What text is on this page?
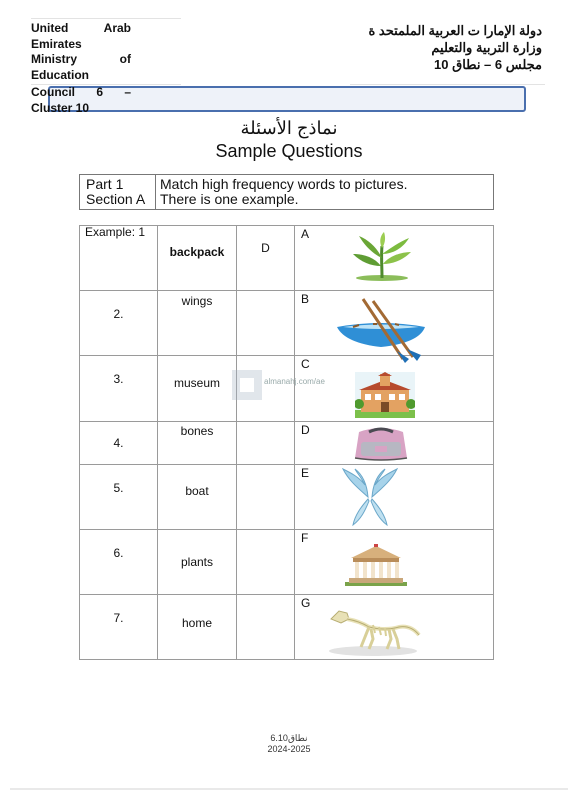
United	Arab
Emirates
Ministry	of
Education
دولة الإمارا ت العربية الملمتحد ة
وزارة التربية والتعليم
مجلس 6 – نطاق 10
Council 6 –
Cluster 10
نماذج الأسئلة
Sample Questions
Part 1
Section A
Match high frequency words to pictures.
There is one example.
Example: 1	backpack	D	A

2.	wings		B

3.	museum		C

4.	bones		D

5.	boat		E

6.	plants		F

7.	home		G
almanahj.com/ae
6.10نطاق
2024-2025
